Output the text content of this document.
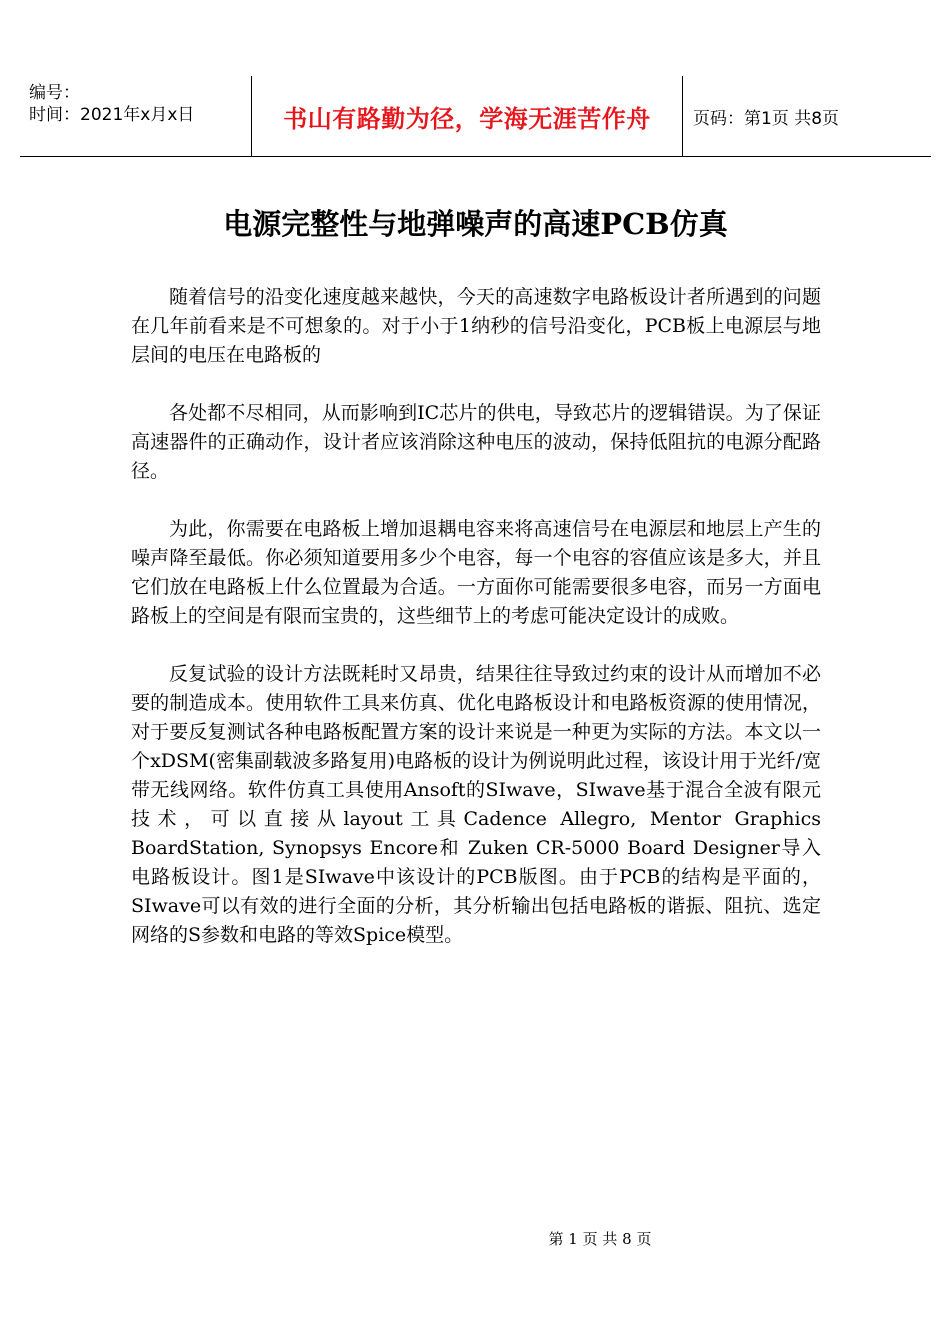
编号：
时间：2021年x月x日	书山有路勤为径，学海无涯苦作舟	页码：第1页 共8页
电源完整性与地弹噪声的高速PCB仿真

随着信号的沿变化速度越来越快，今天的高速数字电路板设计者所遇到的问题在几年前看来是不可想象的。对于小于1纳秒的信号沿变化，PCB板上电源层与地层间的电压在电路板的

各处都不尽相同，从而影响到IC芯片的供电，导致芯片的逻辑错误。为了保证高速器件的正确动作，设计者应该消除这种电压的波动，保持低阻抗的电源分配路径。

为此，你需要在电路板上增加退耦电容来将高速信号在电源层和地层上产生的噪声降至最低。你必须知道要用多少个电容，每一个电容的容值应该是多大，并且它们放在电路板上什么位置最为合适。一方面你可能需要很多电容，而另一方面电路板上的空间是有限而宝贵的，这些细节上的考虑可能决定设计的成败。

反复试验的设计方法既耗时又昂贵，结果往往导致过约束的设计从而增加不必要的制造成本。使用软件工具来仿真、优化电路板设计和电路板资源的使用情况，对于要反复测试各种电路板配置方案的设计来说是一种更为实际的方法。本文以一个xDSM(密集副载波多路复用)电路板的设计为例说明此过程，该设计用于光纤/宽带无线网络。软件仿真工具使用Ansoft的SIwave，SIwave基于混合全波有限元技术，可以直接从layout工具Cadence Allegro, Mentor Graphics BoardStation, Synopsys Encore和 Zuken CR-5000 Board Designer导入电路板设计。图1是SIwave中该设计的PCB版图。由于PCB的结构是平面的，SIwave可以有效的进行全面的分析，其分析输出包括电路板的谐振、阻抗、选定网络的S参数和电路的等效Spice模型。

第 1 页 共 8 页
